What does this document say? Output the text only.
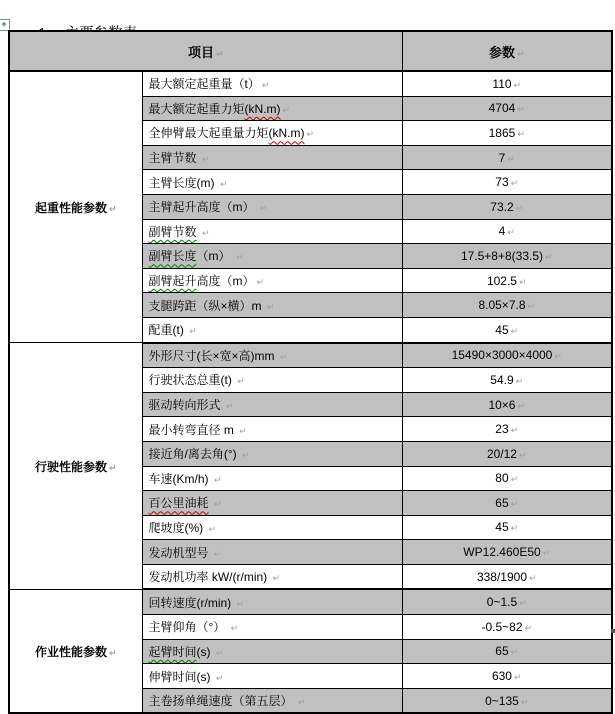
+
项目 ↵		参数 ↵
起重性能参数 ↵	最大额定起重量（t） ↵	110 ↵
	最大额定起重力矩(kN.m) ↵	4704 ↵
	全伸臂最大起重量力矩(kN.m) ↵	1865 ↵
	主臂节数 ↵	7 ↵
	主臂长度(m) ↵	73 ↵
	主臂起升高度（m） ↵	73.2 ↵
	副臂节数 ↵	4 ↵
	副臂长度（m） ↵	17.5+8+8(33.5) ↵
	副臂起升高度（m） ↵	102.5 ↵
	支腿跨距（纵×横）m ↵	8.05×7.8 ↵
	配重(t) ↵	45 ↵
行驶性能参数 ↵	外形尺寸(长×宽×高)mm ↵	15490×3000×4000 ↵
	行驶状态总重(t) ↵	54.9 ↵
	驱动转向形式 ↵	10×6 ↵
	最小转弯直径 m ↵	23 ↵
	接近角/离去角(°) ↵	20/12 ↵
	车速(Km/h) ↵	80 ↵
	百公里油耗 ↵	65 ↵
	爬坡度(%) ↵	45 ↵
	发动机型号 ↵	WP12.460E50 ↵
	发动机功率 kW/(r/min) ↵	338/1900 ↵
作业性能参数 ↵	回转速度(r/min) ↵	0~1.5 ↵
	主臂仰角（°） ↵	-0.5~82 ↵
	起臂时间(s) ↵	65 ↵
	伸臂时间(s) ↵	630 ↵
	主卷扬单绳速度（第五层） ↵	0~135 ↵
